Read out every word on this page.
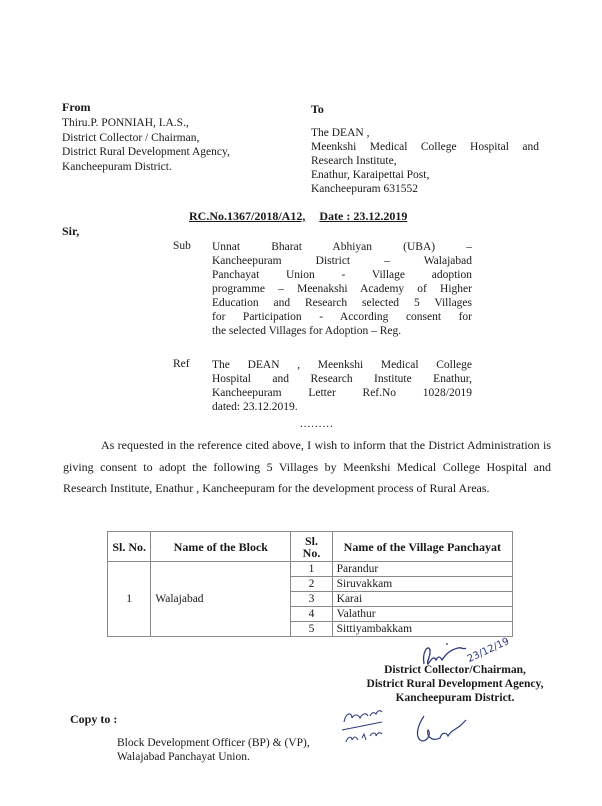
From
Thiru.P. PONNIAH, I.A.S.,
District Collector / Chairman,
District Rural Development Agency,
Kancheepuram District.
To
The DEAN ,
Meenkshi Medical College Hospital and
Research Institute,
Enathur, Karaipettai Post,
Kancheepuram 631552
RC.No.1367/2018/A12, Date : 23.12.2019
Sir,
Sub Unnat Bharat Abhiyan (UBA) –
Kancheepuram District – Walajabad
Panchayat Union - Village adoption
programme – Meenakshi Academy of Higher
Education and Research selected 5 Villages
for Participation - According consent for
the selected Villages for Adoption – Reg.
Ref The DEAN , Meenkshi Medical College
Hospital and Research Institute Enathur,
Kancheepuram Letter Ref.No 1028/2019
dated: 23.12.2019.
.........
As requested in the reference cited above, I wish to inform that the District Administration is giving consent to adopt the following 5 Villages by Meenkshi Medical College Hospital and Research Institute, Enathur , Kancheepuram for the development process of Rural Areas.
Sl. No.	Name of the Block	Sl. No.	Name of the Village Panchayat
1	Walajabad	1	Parandur
		2	Siruvakkam
		3	Karai
		4	Valathur
		5	Sittiyambakkam
23/12/19
District Collector/Chairman,
District Rural Development Agency,
Kancheepuram District.
Copy to :
Block Development Officer (BP) & (VP),
Walajabad Panchayat Union.
